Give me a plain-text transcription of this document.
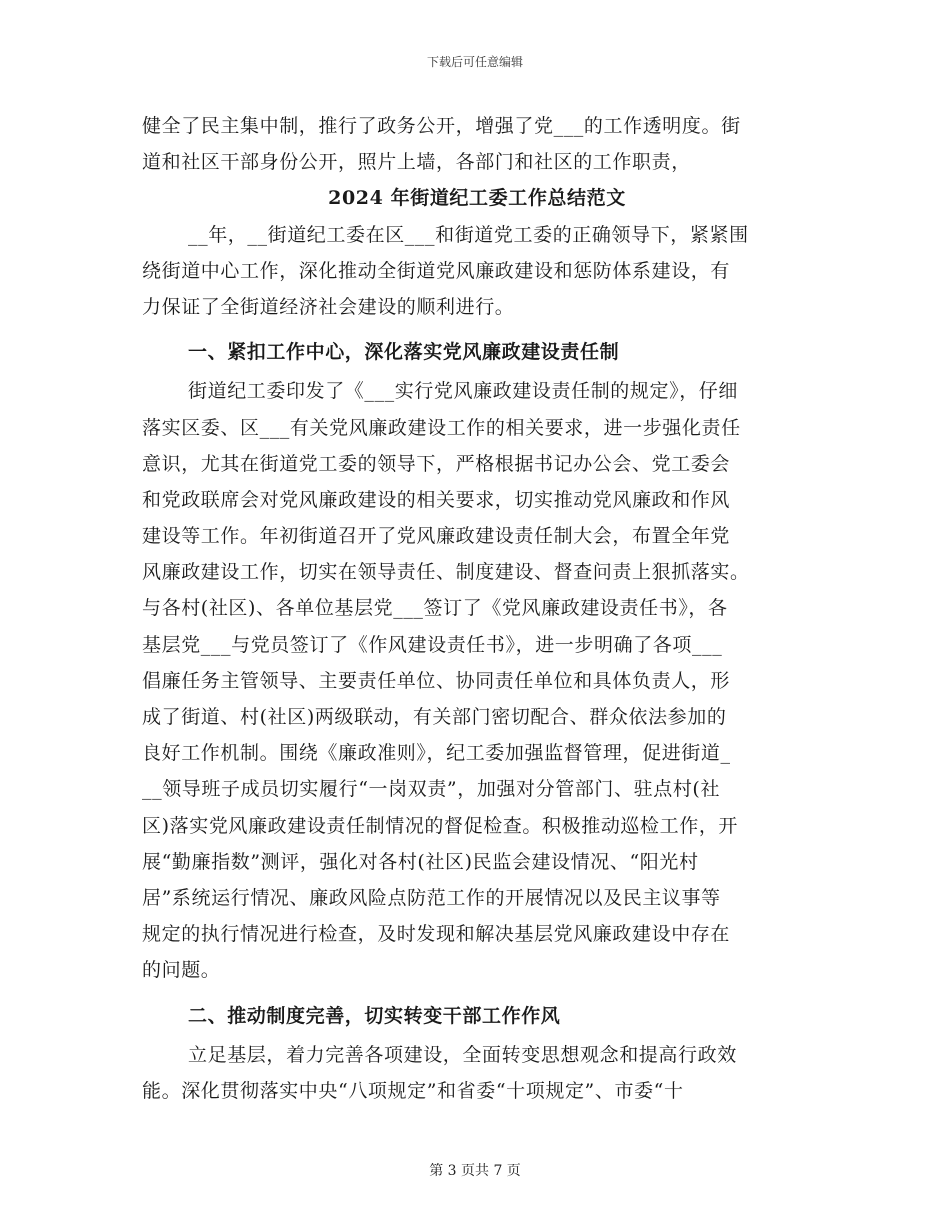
下载后可任意编辑
健全了民主集中制，推行了政务公开，增强了党___的工作透明度。街
道和社区干部身份公开，照片上墙，各部门和社区的工作职责，
2024 年街道纪工委工作总结范文
__年，__街道纪工委在区___和街道党工委的正确领导下，紧紧围
绕街道中心工作，深化推动全街道党风廉政建设和惩防体系建设，有
力保证了全街道经济社会建设的顺利进行。
一、紧扣工作中心，深化落实党风廉政建设责任制
街道纪工委印发了《___实行党风廉政建设责任制的规定》，仔细
落实区委、区___有关党风廉政建设工作的相关要求，进一步强化责任
意识，尤其在街道党工委的领导下，严格根据书记办公会、党工委会
和党政联席会对党风廉政建设的相关要求，切实推动党风廉政和作风
建设等工作。年初街道召开了党风廉政建设责任制大会，布置全年党
风廉政建设工作，切实在领导责任、制度建设、督查问责上狠抓落实。
与各村(社区)、各单位基层党___签订了《党风廉政建设责任书》，各
基层党___与党员签订了《作风建设责任书》，进一步明确了各项___
倡廉任务主管领导、主要责任单位、协同责任单位和具体负责人，形
成了街道、村(社区)两级联动，有关部门密切配合、群众依法参加的
良好工作机制。围绕《廉政准则》，纪工委加强监督管理，促进街道_
__领导班子成员切实履行“一岗双责”，加强对分管部门、驻点村(社
区)落实党风廉政建设责任制情况的督促检查。积极推动巡检工作，开
展“勤廉指数”测评，强化对各村(社区)民监会建设情况、“阳光村
居”系统运行情况、廉政风险点防范工作的开展情况以及民主议事等
规定的执行情况进行检查，及时发现和解决基层党风廉政建设中存在
的问题。
二、推动制度完善，切实转变干部工作作风
立足基层，着力完善各项建设，全面转变思想观念和提高行政效
能。深化贯彻落实中央“八项规定”和省委“十项规定”、市委“十
第 3 页共 7 页
